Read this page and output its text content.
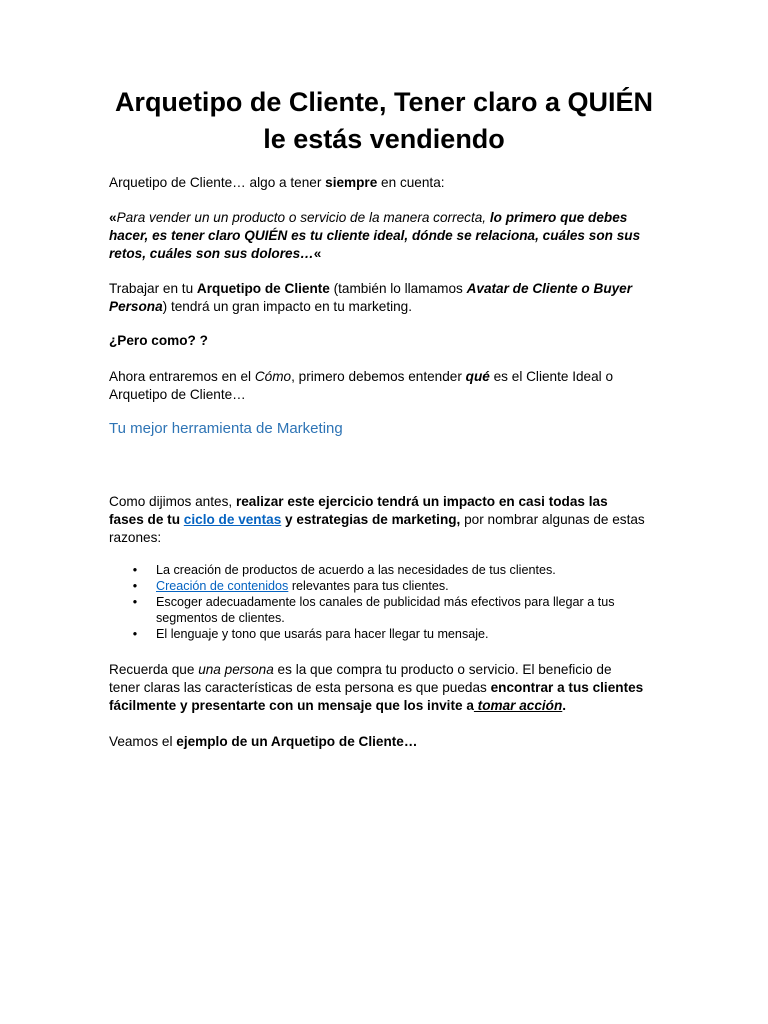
Arquetipo de Cliente, Tener claro a QUIÉN
le estás vendiendo

Arquetipo de Cliente… algo a tener siempre en cuenta:

«Para vender un un producto o servicio de la manera correcta, lo primero que debes
hacer, es tener claro QUIÉN es tu cliente ideal, dónde se relaciona, cuáles son sus
retos, cuáles son sus dolores…«

Trabajar en tu Arquetipo de Cliente (también lo llamamos Avatar de Cliente o Buyer
Persona) tendrá un gran impacto en tu marketing.

¿Pero como? ?

Ahora entraremos en el Cómo, primero debemos entender qué es el Cliente Ideal o
Arquetipo de Cliente…

Tu mejor herramienta de Marketing

Como dijimos antes, realizar este ejercicio tendrá un impacto en casi todas las
fases de tu ciclo de ventas y estrategias de marketing, por nombrar algunas de estas
razones:

• La creación de productos de acuerdo a las necesidades de tus clientes.
• Creación de contenidos relevantes para tus clientes.
• Escoger adecuadamente los canales de publicidad más efectivos para llegar a tus
segmentos de clientes.
• El lenguaje y tono que usarás para hacer llegar tu mensaje.

Recuerda que una persona es la que compra tu producto o servicio. El beneficio de
tener claras las características de esta persona es que puedas encontrar a tus clientes
fácilmente y presentarte con un mensaje que los invite a tomar acción.

Veamos el ejemplo de un Arquetipo de Cliente…
